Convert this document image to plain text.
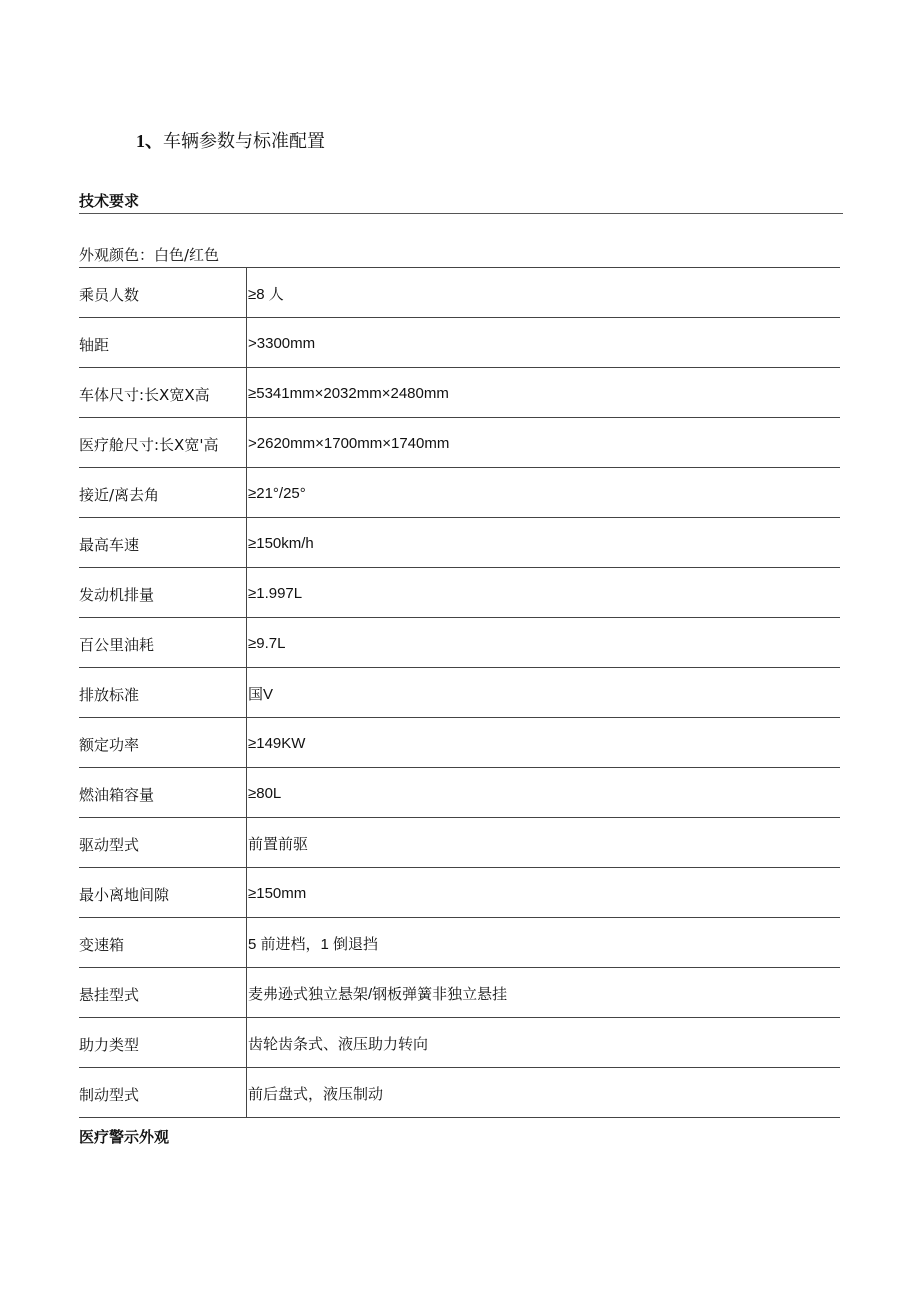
1、车辆参数与标准配置
技术要求
外观颜色：白色/红色
乘员人数	≥8 人
轴距	>3300mm
车体尺寸:长X宽X高	≥5341mm×2032mm×2480mm
医疗舱尺寸:长X宽'高	>2620mm×1700mm×1740mm
接近/离去角	≥21°/25°
最高车速	≥150km/h
发动机排量	≥1.997L
百公里油耗	≥9.7L
排放标准	国V
额定功率	≥149KW
燃油箱容量	≥80L
驱动型式	前置前驱
最小离地间隙	≥150mm
变速箱	5 前进档，1 倒退挡
悬挂型式	麦弗逊式独立悬架/钢板弹簧非独立悬挂
助力类型	齿轮齿条式、液压助力转向
制动型式	前后盘式，液压制动
医疗警示外观
